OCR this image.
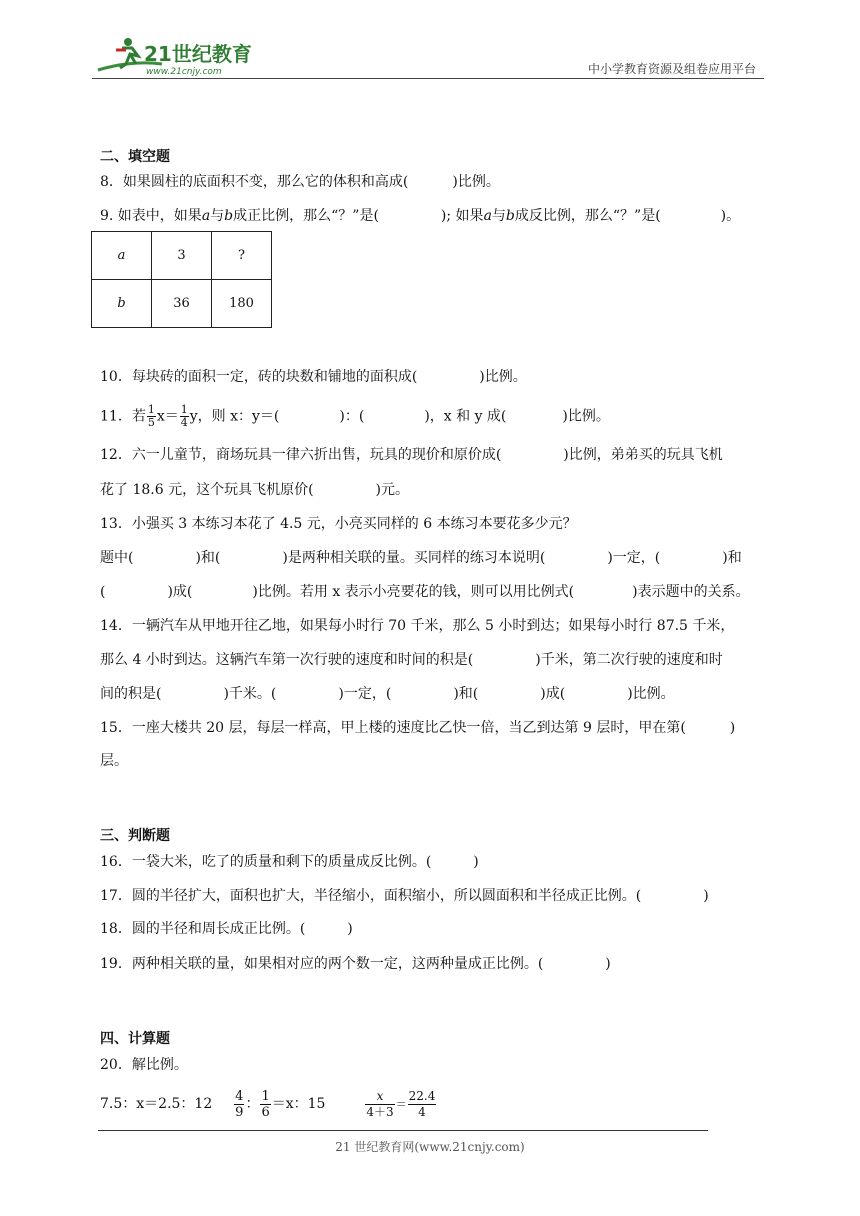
21世纪教育
www.21cnjy.com	中小学教育资源及组卷应用平台
二、填空题
8．如果圆柱的底面积不变，那么它的体积和高成(	)比例。
9. 如表中，如果a与b成正比例，那么“？”是(	); 如果a与b成反比例，那么“？”是(	)。
a	3	?
b	36	180
10．每块砖的面积一定，砖的块数和铺地的面积成(	)比例。
11．若 $\frac{1}{5} x= \frac{1}{4}$ y，则 x：y＝(	)：(	)，x 和 y 成(	)比例。
12．六一儿童节，商场玩具一律六折出售，玩具的现价和原价成(	)比例，弟弟买的玩具飞机
花了 18.6 元，这个玩具飞机原价(	)元。
13．小强买 3 本练习本花了 4.5 元，小亮买同样的 6 本练习本要花多少元？
题中(	)和(	)是两种相关联的量。买同样的练习本说明(	)一定，(	)和
(	)成(	)比例。若用 x 表示小亮要花的钱，则可以用比例式(	)表示题中的关系。
14．一辆汽车从甲地开往乙地，如果每小时行 70 千米，那么 5 小时到达；如果每小时行 87.5 千米，
那么 4 小时到达。这辆汽车第一次行驶的速度和时间的积是(	)千米，第二次行驶的速度和时
间的积是(	)千米。(	)一定，(	)和(	)成(	)比例。
15．一座大楼共 20 层，每层一样高，甲上楼的速度比乙快一倍，当乙到达第 9 层时，甲在第(	)
层。
三、判断题
16．一袋大米，吃了的质量和剩下的质量成反比例。(	)
17．圆的半径扩大，面积也扩大，半径缩小，面积缩小，所以圆面积和半径成正比例。(	)
18．圆的半径和周长成正比例。(	)
19．两种相关联的量，如果相对应的两个数一定，这两种量成正比例。(	)
四、计算题
20．解比例。
7.5：x＝2.5：$12 \frac{4}{9}$ ： $\frac{1}{6} =x$：15	$\frac{x}{4+3} = \frac{22.4}{4}$
21 世纪教育网(www.21cnjy.com)
